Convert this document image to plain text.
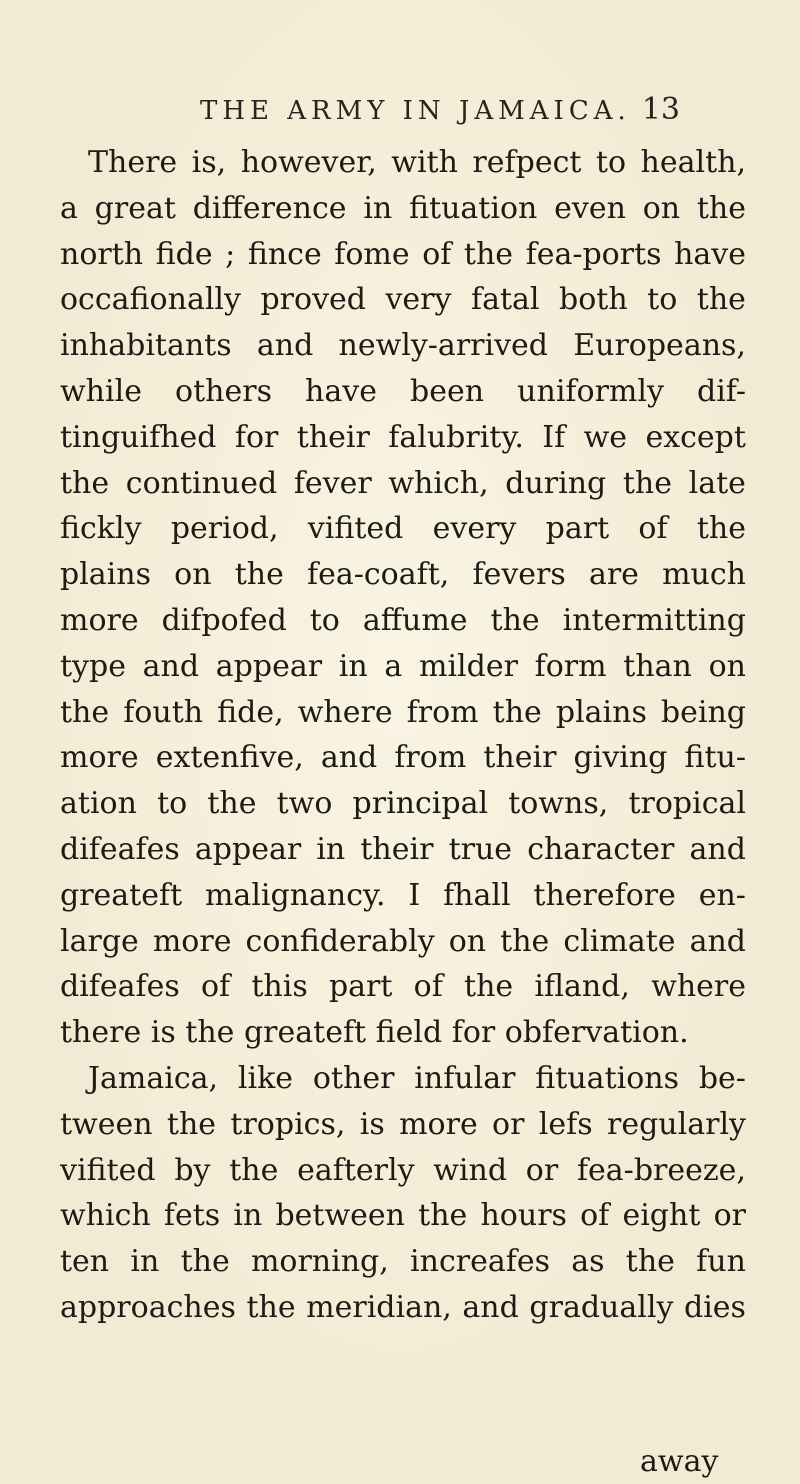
THE ARMY IN JAMAICA. 13
There is, however, with refpect to health,
a great difference in fituation even on the
north fide ; fince fome of the fea-ports have
occafionally proved very fatal both to the
inhabitants and newly-arrived Europeans,
while others have been uniformly dif-
tinguifhed for their falubrity. If we except
the continued fever which, during the late
fickly period, vifited every part of the
plains on the fea-coaft, fevers are much
more difpofed to affume the intermitting
type and appear in a milder form than on
the fouth fide, where from the plains being
more extenfive, and from their giving fitu-
ation to the two principal towns, tropical
difeafes appear in their true character and
greateft malignancy. I fhall therefore en-
large more confiderably on the climate and
difeafes of this part of the ifland, where
there is the greateft field for obfervation.
Jamaica, like other infular fituations be-
tween the tropics, is more or lefs regularly
vifited by the eafterly wind or fea-breeze,
which fets in between the hours of eight or
ten in the morning, increafes as the fun
approaches the meridian, and gradually dies
away
